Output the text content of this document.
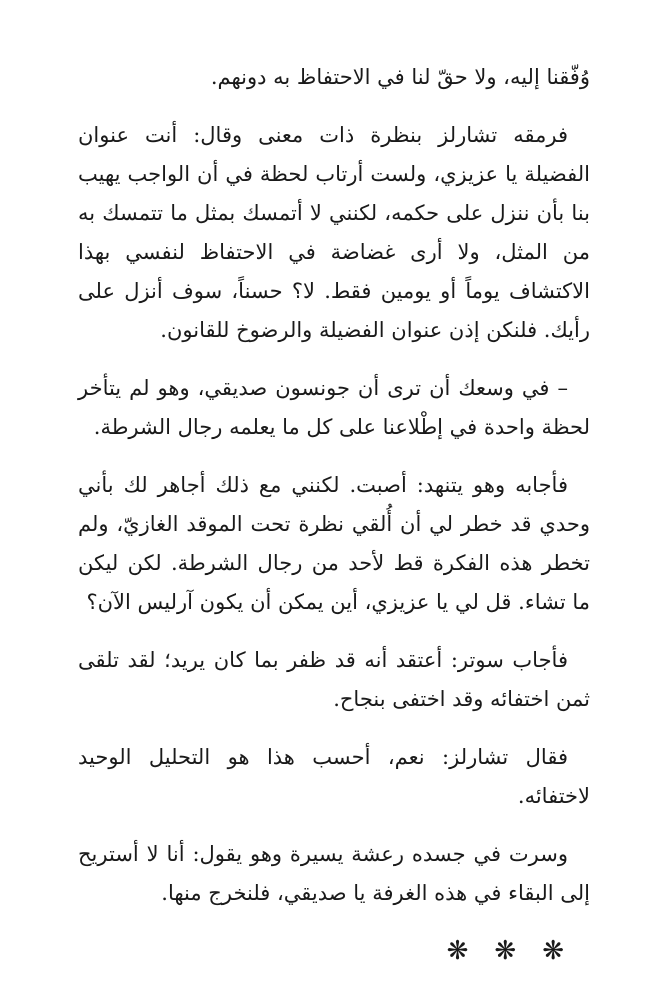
وُفّقنا إليه، ولا حقّ لنا في الاحتفاظ به دونهم.

فرمقه تشارلز بنظرة ذات معنى وقال: أنت عنوان الفضيلة يا عزيزي، ولست أرتاب لحظة في أن الواجب يهيب بنا بأن ننزل على حكمه، لكنني لا أتمسك بمثل ما تتمسك به من المثل، ولا أرى غضاضة في الاحتفاظ لنفسي بهذا الاكتشاف يوماً أو يومين فقط. لا؟ حسناً، سوف أنزل على رأيك. فلنكن إذن عنوان الفضيلة والرضوخ للقانون.

– في وسعك أن ترى أن جونسون صديقي، وهو لم يتأخر لحظة واحدة في إطْلاعنا على كل ما يعلمه رجال الشرطة.

فأجابه وهو يتنهد: أصبت. لكنني مع ذلك أجاهر لك بأني وحدي قد خطر لي أن أُلقي نظرة تحت الموقد الغازيّ، ولم تخطر هذه الفكرة قط لأحد من رجال الشرطة. لكن ليكن ما تشاء. قل لي يا عزيزي، أين يمكن أن يكون آرليس الآن؟

فأجاب سوتر: أعتقد أنه قد ظفر بما كان يريد؛ لقد تلقى ثمن اختفائه وقد اختفى بنجاح.

فقال تشارلز: نعم، أحسب هذا هو التحليل الوحيد لاختفائه.

وسرت في جسده رعشة يسيرة وهو يقول: أنا لا أستريح إلى البقاء في هذه الغرفة يا صديقي، فلنخرج منها.

❋❋❋
